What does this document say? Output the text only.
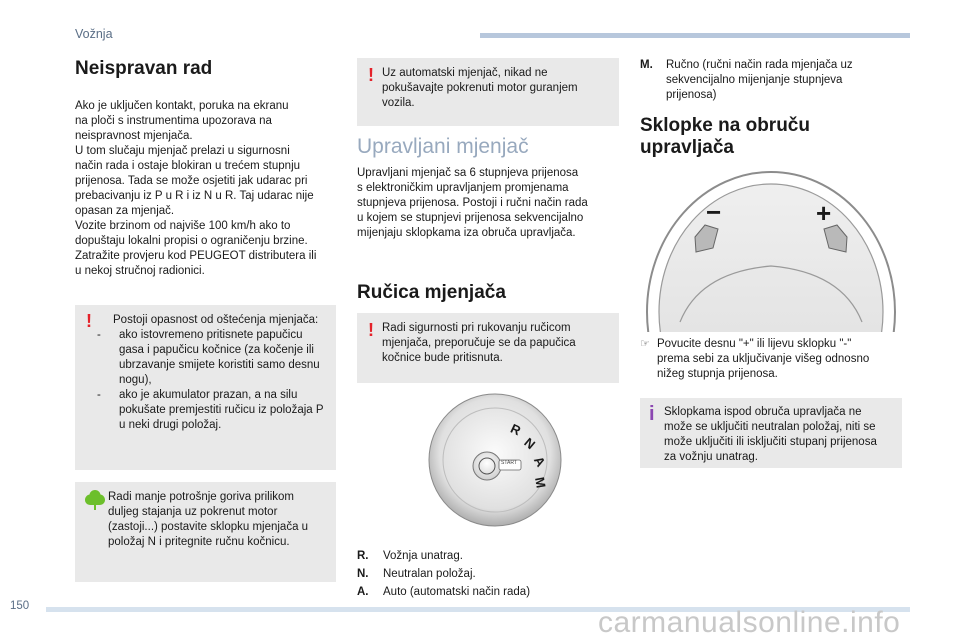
Vožnja
Neispravan rad

Ako je uključen kontakt, poruka na ekranu
na ploči s instrumentima upozorava na
neispravnost mjenjača.
U tom slučaju mjenjač prelazi u sigurnosni
način rada i ostaje blokiran u trećem stupnju
prijenosa. Tada se može osjetiti jak udarac pri
prebacivanju iz P u R i iz N u R. Taj udarac nije
opasan za mjenjač.
Vozite brzinom od najviše 100 km/h ako to
dopuštaju lokalni propisi o ograničenju brzine.
Zatražite provjeru kod PEUGEOT distributera ili
u nekoj stručnoj radionici.

! Postoji opasnost od oštećenja mjenjača:

-	ako istovremeno pritisnete papučicu gasa i papučicu kočnice (za kočenje ili ubrzavanje smijete koristiti samo desnu nogu),
-	ako je akumulator prazan, a na silu pokušate premjestiti ručicu iz položaja P u neki drugi položaj.

Radi manje potrošnje goriva prilikom
duljeg stajanja uz pokrenut motor
(zastoji...) postavite sklopku mjenjača u
položaj N i pritegnite ručnu kočnicu.

! Uz automatski mjenjač, nikad ne
pokušavajte pokrenuti motor guranjem
vozila.

Upravljani mjenjač

Upravljani mjenjač sa 6 stupnjeva prijenosa
s elektroničkim upravljanjem promjenama
stupnjeva prijenosa. Postoji i ručni način rada
u kojem se stupnjevi prijenosa sekvencijalno
mijenjaju sklopkama iza obruča upravljača.

Ručica mjenjača
! Radi sigurnosti pri rukovanju ručicom
mjenjača, preporučuje se da papučica
kočnice bude pritisnuta.

R
N
A
M
START
R.	Vožnja unatrag.
N.	Neutralan položaj.
A.	Auto (automatski način rada)
M.	Ručno (ručni način rada mjenjača uz
sekvencijalno mijenjanje stupnjeva
prijenosa)
Sklopke na obruču
upravljača
−	+
☞ Povucite desnu "+" ili lijevu sklopku "-"
prema sebi za uključivanje višeg odnosno
nižeg stupnja prijenosa.

i Sklopkama ispod obruča upravljača ne
može se uključiti neutralan položaj, niti se
može uključiti ili isključiti stupanj prijenosa
za vožnju unatrag.

150	carmanualsonline.info
